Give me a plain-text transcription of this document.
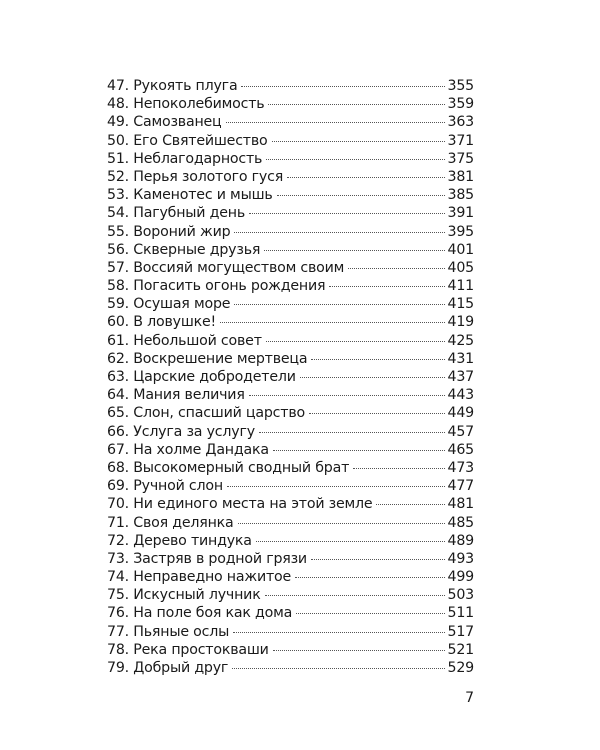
47. Рукоять плуга	355
48. Непоколебимость	359
49. Самозванец	363
50. Его Святейшество	371
51. Неблагодарность	375
52. Перья золотого гуся	381
53. Каменотес и мышь	385
54. Пагубный день	391
55. Вороний жир	395
56. Скверные друзья	401
57. Воссияй могуществом своим	405
58. Погасить огонь рождения	411
59. Осушая море	415
60. В ловушке!	419
61. Небольшой совет	425
62. Воскрешение мертвеца	431
63. Царские добродетели	437
64. Мания величия	443
65. Слон, спасший царство	449
66. Услуга за услугу	457
67. На холме Дандака	465
68. Высокомерный сводный брат	473
69. Ручной слон	477
70. Ни единого места на этой земле	481
71. Своя делянка	485
72. Дерево тиндука	489
73. Застряв в родной грязи	493
74. Неправедно нажитое	499
75. Искусный лучник	503
76. На поле боя как дома	511
77. Пьяные ослы	517
78. Река простокваши	521
79. Добрый друг	529
7
